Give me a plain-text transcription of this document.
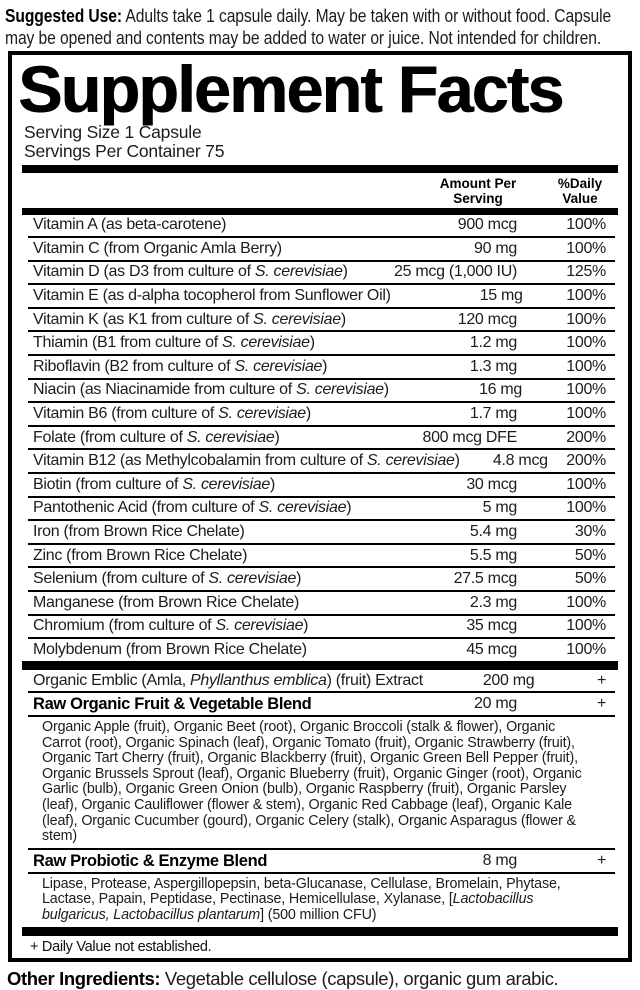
Suggested Use: Adults take 1 capsule daily. May be taken with or without food. Capsule may be opened and contents may be added to water or juice. Not intended for children.

Supplement Facts
Serving Size 1 Capsule
Servings Per Container 75
Amount Per Serving
%Daily Value
Vitamin A (as beta-carotene)	900 mcg	100%
Vitamin C (from Organic Amla Berry)	90 mg	100%
Vitamin D (as D3 from culture of S. cerevisiae)	25 mcg (1,000 IU)	125%
Vitamin E (as d-alpha tocopherol from Sunflower Oil)	15 mg	100%
Vitamin K (as K1 from culture of S. cerevisiae)	120 mcg	100%
Thiamin (B1 from culture of S. cerevisiae)	1.2 mg	100%
Riboflavin (B2 from culture of S. cerevisiae)	1.3 mg	100%
Niacin (as Niacinamide from culture of S. cerevisiae)	16 mg	100%
Vitamin B6 (from culture of S. cerevisiae)	1.7 mg	100%
Folate (from culture of S. cerevisiae)	800 mcg DFE	200%
Vitamin B12 (as Methylcobalamin from culture of S. cerevisiae)	4.8 mcg	200%
Biotin (from culture of S. cerevisiae)	30 mcg	100%
Pantothenic Acid (from culture of S. cerevisiae)	5 mg	100%
Iron (from Brown Rice Chelate)	5.4 mg	30%
Zinc (from Brown Rice Chelate)	5.5 mg	50%
Selenium (from culture of S. cerevisiae)	27.5 mcg	50%
Manganese (from Brown Rice Chelate)	2.3 mg	100%
Chromium (from culture of S. cerevisiae)	35 mcg	100%
Molybdenum (from Brown Rice Chelate)	45 mcg	100%
Organic Emblic (Amla, Phyllanthus emblica) (fruit) Extract	200 mg	+
Raw Organic Fruit & Vegetable Blend	20 mg	+
Organic Apple (fruit), Organic Beet (root), Organic Broccoli (stalk & flower), Organic Carrot (root), Organic Spinach (leaf), Organic Tomato (fruit), Organic Strawberry (fruit), Organic Tart Cherry (fruit), Organic Blackberry (fruit), Organic Green Bell Pepper (fruit), Organic Brussels Sprout (leaf), Organic Blueberry (fruit), Organic Ginger (root), Organic Garlic (bulb), Organic Green Onion (bulb), Organic Raspberry (fruit), Organic Parsley (leaf), Organic Cauliflower (flower & stem), Organic Red Cabbage (leaf), Organic Kale (leaf), Organic Cucumber (gourd), Organic Celery (stalk), Organic Asparagus (flower & stem)
Raw Probiotic & Enzyme Blend	8 mg	+
Lipase, Protease, Aspergillopepsin, beta-Glucanase, Cellulase, Bromelain, Phytase, Lactase, Papain, Peptidase, Pectinase, Hemicellulase, Xylanase, [Lactobacillus bulgaricus, Lactobacillus plantarum] (500 million CFU)
+ Daily Value not established.

Other Ingredients: Vegetable cellulose (capsule), organic gum arabic.
